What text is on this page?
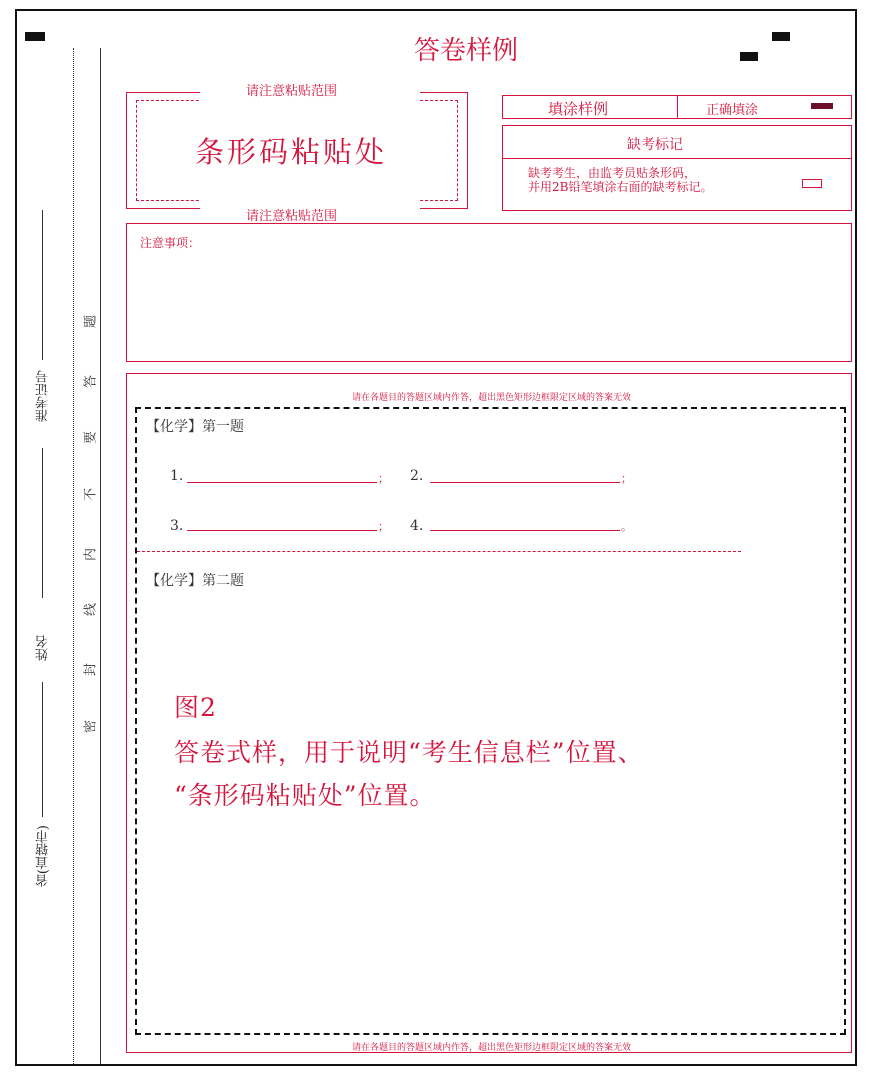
准考证号
姓名
省(直辖市)
题
答
要
不
内
线
封
密
答卷样例
请注意粘贴范围
条形码粘贴处
请注意粘贴范围
填涂样例	正确填涂
缺考标记
缺考考生，由监考员贴条形码，
并用2B铅笔填涂右面的缺考标记。
注意事项：
请在各题目的答题区域内作答，超出黑色矩形边框限定区域的答案无效
请在各题目的答题区域内作答，超出黑色矩形边框限定区域的答案无效
【化学】第一题
1.	； 2.	；
3.	； 4.	。
【化学】第二题
图2
答卷式样，用于说明“考生信息栏”位置、
“条形码粘贴处”位置。
